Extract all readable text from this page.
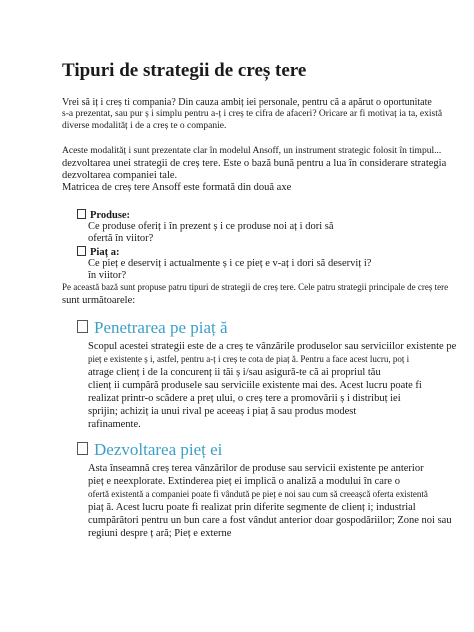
Tipuri de strategii de creș tere
Vrei să iț i creș ti compania? Din cauza ambiț iei personale, pentru că a apărut o oportunitate
s-a prezentat, sau pur ș i simplu pentru a-ț i creș te cifra de afaceri? Oricare ar fi motivaț ia ta, există
diverse modalităț i de a creș te o companie.
Aceste modalităț i sunt prezentate clar în modelul Ansoff, un instrument strategic folosit în timpul...
dezvoltarea unei strategii de creș tere. Este o bază bună pentru a lua în considerare strategia
dezvoltarea companiei tale.
Matricea de creș tere Ansoff este formată din două axe
Produse:
Ce produse oferiț i în prezent ș i ce produse noi aț i dori să
ofertă în viitor?
Piaț a:
Ce pieț e deserviț i actualmente ș i ce pieț e v-aț i dori să deserviț i?
în viitor?
Pe această bază sunt propuse patru tipuri de strategii de creș tere. Cele patru strategii principale de creș tere
sunt următoarele:
Penetrarea pe piaț ă
Scopul acestei strategii este de a creș te vânzările produselor sau serviciilor existente pe
pieț e existente ș i, astfel, pentru a-ț i creș te cota de piaț ă. Pentru a face acest lucru, poț i
atrage clienț i de la concurenț ii tăi ș i/sau asigură-te că ai propriul tău
clienț ii cumpără produsele sau serviciile existente mai des. Acest lucru poate fi
realizat printr-o scădere a preț ului, o creș tere a promovării ș i distribuț iei
sprijin; achiziț ia unui rival pe aceeaș i piaț ă sau produs modest
rafinamente.
Dezvoltarea pieț ei
Asta înseamnă creș terea vânzărilor de produse sau servicii existente pe anterior
pieț e neexplorate. Extinderea pieț ei implică o analiză a modului în care o
ofertă existentă a companiei poate fi vândută pe pieț e noi sau cum să creeașcă oferta existentă
piaț ă. Acest lucru poate fi realizat prin diferite segmente de clienț i; industrial
cumpărători pentru un bun care a fost vândut anterior doar gospodăriilor; Zone noi sau
regiuni despre ț ară; Pieț e externe
